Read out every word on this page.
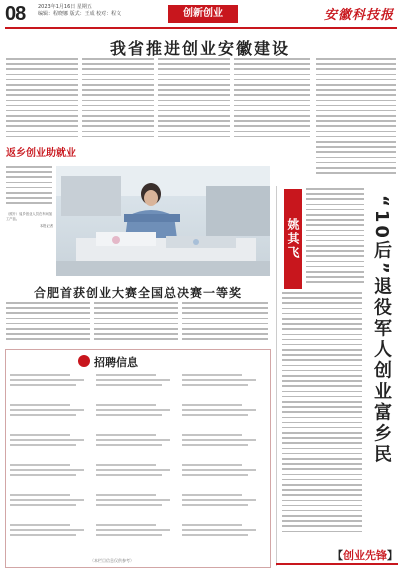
08	2023年1月16日 星期五
编辑：程晓娜 版式：王成 校对：程文	创新创业	安徽科技报
我省推进创业安徽建设
返乡创业助就业
（照片）返乡创业人员在车间加工产品。
本报记者
合肥首获创业大赛全国总决赛一等奖
招聘信息
（本栏目信息仅供参考）
姚其飞	“10后”退役军人创业富乡民
【创业先锋】
